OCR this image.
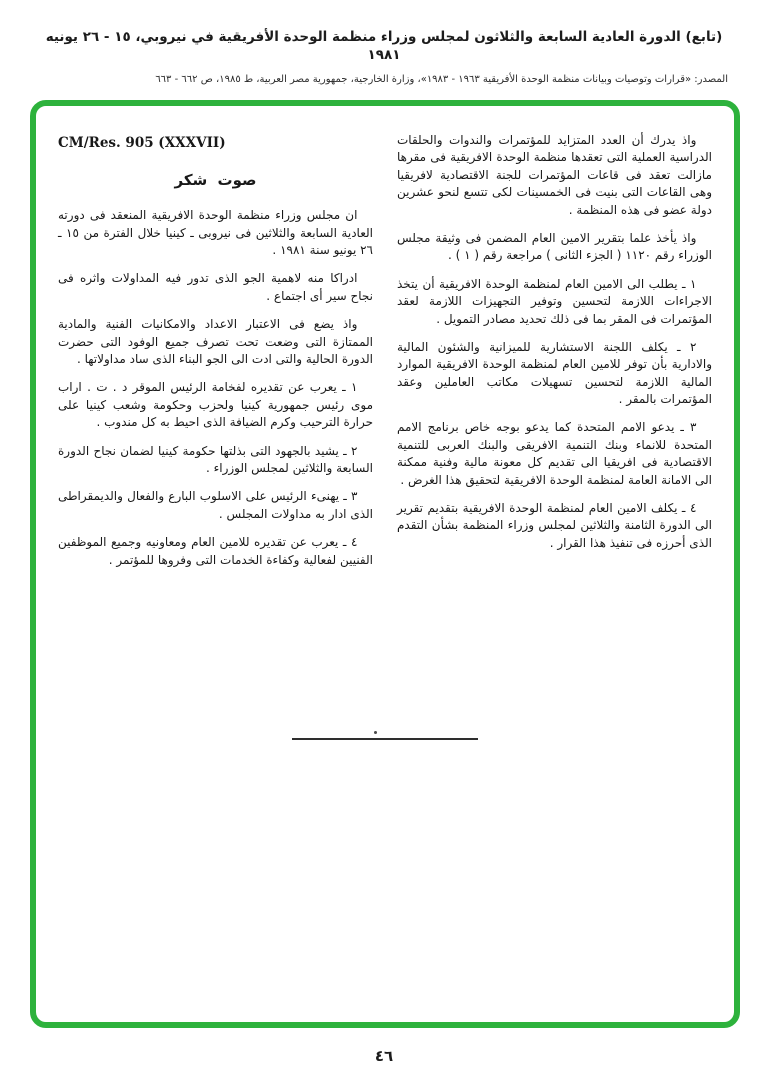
(تابع) الدورة العادية السابعة والثلاثون لمجلس وزراء منظمة الوحدة الأفريقية في نيروبي، ١٥ - ٢٦ يونيه ١٩٨١
المصدر: «قرارات وتوصيات وبيانات منظمة الوحدة الأفريقية ١٩٦٣ - ١٩٨٣»، وزارة الخارجية، جمهورية مصر العربية، ط ١٩٨٥، ص ٦٦٢ - ٦٦٣

واذ يدرك أن العدد المتزايد للمؤتمرات والندوات والحلقات الدراسية العملية التى تعقدها منظمة الوحدة الافريقية فى مقرها مازالت تعقد فى قاعات المؤتمرات للجنة الاقتصادية لافريقيا وهى القاعات التى بنيت فى الخمسينات لكى تتسع لنحو عشرين دولة عضو فى هذه المنظمة .

واذ يأخذ علما بتقرير الامين العام المضمن فى وثيقة مجلس الوزراء رقم ١١٢٠ ( الجزء الثانى ) مراجعة رقم ( ١ ) .

١ ـ يطلب الى الامين العام لمنظمة الوحدة الافريقية أن يتخذ الاجراءات اللازمة لتحسين وتوفير التجهيزات اللازمة لعقد المؤتمرات فى المقر بما فى ذلك تحديد مصادر التمويل .

٢ ـ يكلف اللجنة الاستشارية للميزانية والشئون المالية والادارية بأن توفر للامين العام لمنظمة الوحدة الافريقية الموارد المالية اللازمة لتحسين تسهيلات مكاتب العاملين وعقد المؤتمرات بالمقر .

٣ ـ يدعو الامم المتحدة كما يدعو بوجه خاص برنامج الامم المتحدة للانماء وبنك التنمية الافريقى والبنك العربى للتنمية الاقتصادية فى افريقيا الى تقديم كل معونة مالية وفنية ممكنة الى الامانة العامة لمنظمة الوحدة الافريقية لتحقيق هذا الغرض .

٤ ـ يكلف الامين العام لمنظمة الوحدة الافريقية بتقديم تقرير الى الدورة الثامنة والثلاثين لمجلس وزراء المنظمة بشأن التقدم الذى أحرزه فى تنفيذ هذا القرار .

CM/Res. 905 (XXXVII)
صوت شكر

ان مجلس وزراء منظمة الوحدة الافريقية المنعقد فى دورته العادية السابعة والثلاثين فى نيروبى ـ كينيا خلال الفترة من ١٥ ـ ٢٦ يونيو سنة ١٩٨١ .

ادراكا منه لاهمية الجو الذى تدور فيه المداولات واثره فى نجاح سير أى اجتماع .

واذ يضع فى الاعتبار الاعداد والامكانيات الفنية والمادية الممتازة التى وضعت تحت تصرف جميع الوفود التى حضرت الدورة الحالية والتى ادت الى الجو البناء الذى ساد مداولاتها .

١ ـ يعرب عن تقديره لفخامة الرئيس الموقر د . ت . اراب موى رئيس جمهورية كينيا ولحزب وحكومة وشعب كينيا على حرارة الترحيب وكرم الضيافة الذى احيط به كل مندوب .

٢ ـ يشيد بالجهود التى بذلتها حكومة كينيا لضمان نجاح الدورة السابعة والثلاثين لمجلس الوزراء .

٣ ـ يهنىء الرئيس على الاسلوب البارع والفعال والديمقراطى الذى ادار به مداولات المجلس .

٤ ـ يعرب عن تقديره للامين العام ومعاونيه وجميع الموظفين الفنيين لفعالية وكفاءة الخدمات التى وفروها للمؤتمر .

٤٦
